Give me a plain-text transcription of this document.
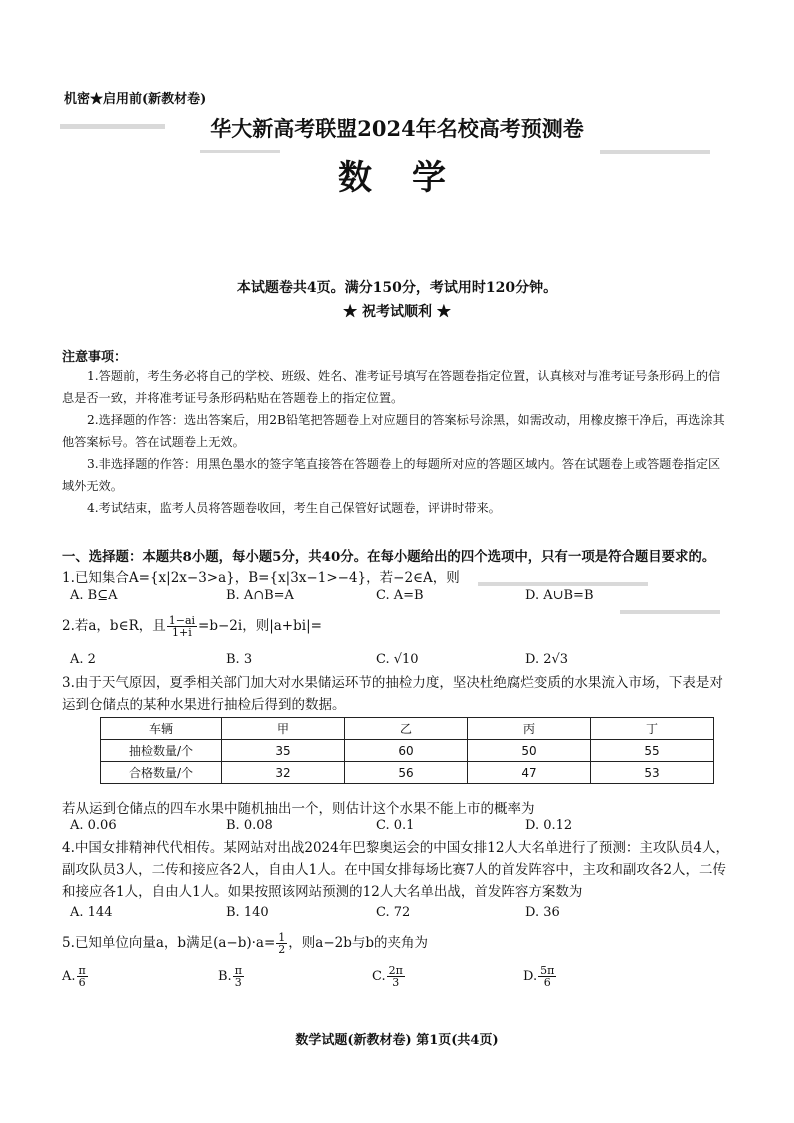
机密★启用前(新教材卷)
华大新高考联盟2024年名校高考预测卷
数学
本试题卷共4页。满分150分，考试用时120分钟。
★ 祝考试顺利 ★
注意事项：
1.答题前，考生务必将自己的学校、班级、姓名、准考证号填写在答题卷指定位置，认真核对与准考证号条形码上的信息是否一致，并将准考证号条形码粘贴在答题卷上的指定位置。
2.选择题的作答：选出答案后，用2B铅笔把答题卷上对应题目的答案标号涂黑，如需改动，用橡皮擦干净后，再选涂其他答案标号。答在试题卷上无效。
3.非选择题的作答：用黑色墨水的签字笔直接答在答题卷上的每题所对应的答题区域内。答在试题卷上或答题卷指定区域外无效。
4.考试结束，监考人员将答题卷收回，考生自己保管好试题卷，评讲时带来。
一、选择题：本题共8小题，每小题5分，共40分。在每小题给出的四个选项中，只有一项是符合题目要求的。
1.已知集合A={x|2x−3>a}，B={x|3x−1>−4}，若−2∈A，则
A. B⊆A	B. A∩B=A	C. A=B	D. A∪B=B
2.若a，b∈R，且 $\frac{1-ai}{1+i} =b-2i$，则|a+bi|=
A. 2	B. 3	C. √10	D. 2√3
3.由于天气原因，夏季相关部门加大对水果储运环节的抽检力度，坚决杜绝腐烂变质的水果流入市场，下表是对运到仓储点的某种水果进行抽检后得到的数据。
车辆	甲	乙	丙	丁
抽检数量/个	35	60	50	55
合格数量/个	32	56	47	53
若从运到仓储点的四车水果中随机抽出一个，则估计这个水果不能上市的概率为
A. 0.06	B. 0.08	C. 0.1	D. 0.12
4.中国女排精神代代相传。某网站对出战2024年巴黎奥运会的中国女排12人大名单进行了预测：主攻队员4人，副攻队员3人，二传和接应各2人，自由人1人。在中国女排每场比赛7人的首发阵容中，主攻和副攻各2人，二传和接应各1人，自由人1人。如果按照该网站预测的12人大名单出战，首发阵容方案数为
A. 144	B. 140	C. 72	D. 36
5.已知单位向量a，b满足$(a-b)\cdot a= \frac{1}{2}$ ，则a−2b与b的夹角为
A. $\frac{\pi}{6}$	B. $\frac{\pi}{3}$	C. $\frac{2\pi}{3}$	D. $\frac{5\pi}{6}$
数学试题(新教材卷) 第1页(共4页)
